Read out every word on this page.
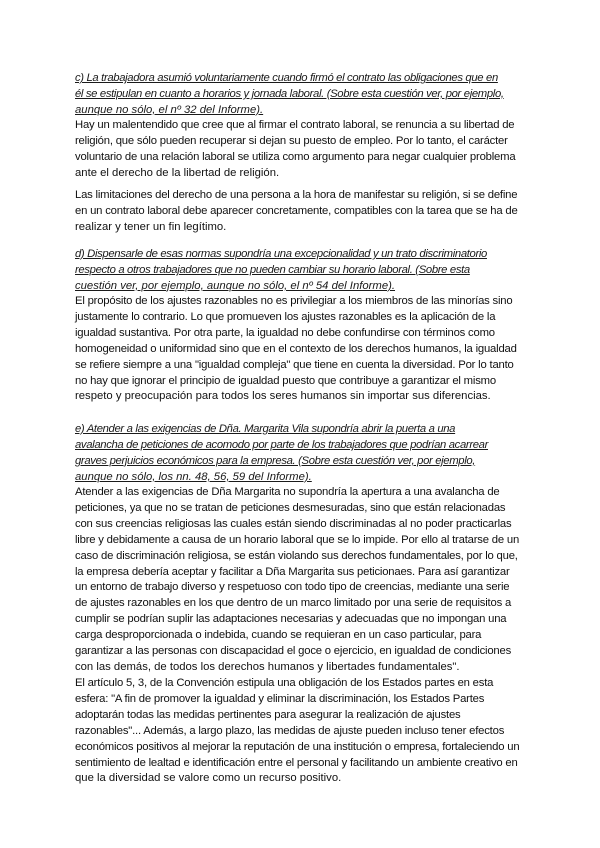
c) La trabajadora asumió voluntariamente cuando firmó el contrato las obligaciones que en
él se estipulan en cuanto a horarios y jornada laboral. (Sobre esta cuestión ver, por ejemplo,
aunque no sólo, el nº 32 del Informe).

Hay un malentendido que cree que al firmar el contrato laboral, se renuncia a su libertad de
religión, que sólo pueden recuperar si dejan su puesto de empleo. Por lo tanto, el carácter
voluntario de una relación laboral se utiliza como argumento para negar cualquier problema
ante el derecho de la libertad de religión.

Las limitaciones del derecho de una persona a la hora de manifestar su religión, si se define
en un contrato laboral debe aparecer concretamente, compatibles con la tarea que se ha de
realizar y tener un fin legítimo.

d) Dispensarle de esas normas supondría una excepcionalidad y un trato discriminatorio
respecto a otros trabajadores que no pueden cambiar su horario laboral. (Sobre esta
cuestión ver, por ejemplo, aunque no sólo, el nº 54 del Informe).

El propósito de los ajustes razonables no es privilegiar a los miembros de las minorías sino
justamente lo contrario. Lo que promueven los ajustes razonables es la aplicación de la
igualdad sustantiva. Por otra parte, la igualdad no debe confundirse con términos como
homogeneidad o uniformidad sino que en el contexto de los derechos humanos, la igualdad
se refiere siempre a una "igualdad compleja" que tiene en cuenta la diversidad. Por lo tanto
no hay que ignorar el principio de igualdad puesto que contribuye a garantizar el mismo
respeto y preocupación para todos los seres humanos sin importar sus diferencias.

e) Atender a las exigencias de Dña. Margarita Vila supondría abrir la puerta a una
avalancha de peticiones de acomodo por parte de los trabajadores que podrían acarrear
graves perjuicios económicos para la empresa. (Sobre esta cuestión ver, por ejemplo,
aunque no sólo, los nn. 48, 56, 59 del Informe).

Atender a las exigencias de Dña Margarita no supondría la apertura a una avalancha de
peticiones, ya que no se tratan de peticiones desmesuradas, sino que están relacionadas
con sus creencias religiosas las cuales están siendo discriminadas al no poder practicarlas
libre y debidamente a causa de un horario laboral que se lo impide. Por ello al tratarse de un
caso de discriminación religiosa, se están violando sus derechos fundamentales, por lo que,
la empresa debería aceptar y facilitar a Dña Margarita sus peticionaes. Para así garantizar
un entorno de trabajo diverso y respetuoso con todo tipo de creencias, mediante una serie
de ajustes razonables en los que dentro de un marco limitado por una serie de requisitos a
cumplir se podrían suplir las adaptaciones necesarias y adecuadas que no impongan una
carga desproporcionada o indebida, cuando se requieran en un caso particular, para
garantizar a las personas con discapacidad el goce o ejercicio, en igualdad de condiciones
con las demás, de todos los derechos humanos y libertades fundamentales".

El artículo 5, 3, de la Convención estipula una obligación de los Estados partes en esta
esfera: "A fin de promover la igualdad y eliminar la discriminación, los Estados Partes
adoptarán todas las medidas pertinentes para asegurar la realización de ajustes
razonables"... Además, a largo plazo, las medidas de ajuste pueden incluso tener efectos
económicos positivos al mejorar la reputación de una institución o empresa, fortaleciendo un
sentimiento de lealtad e identificación entre el personal y facilitando un ambiente creativo en
que la diversidad se valore como un recurso positivo.
